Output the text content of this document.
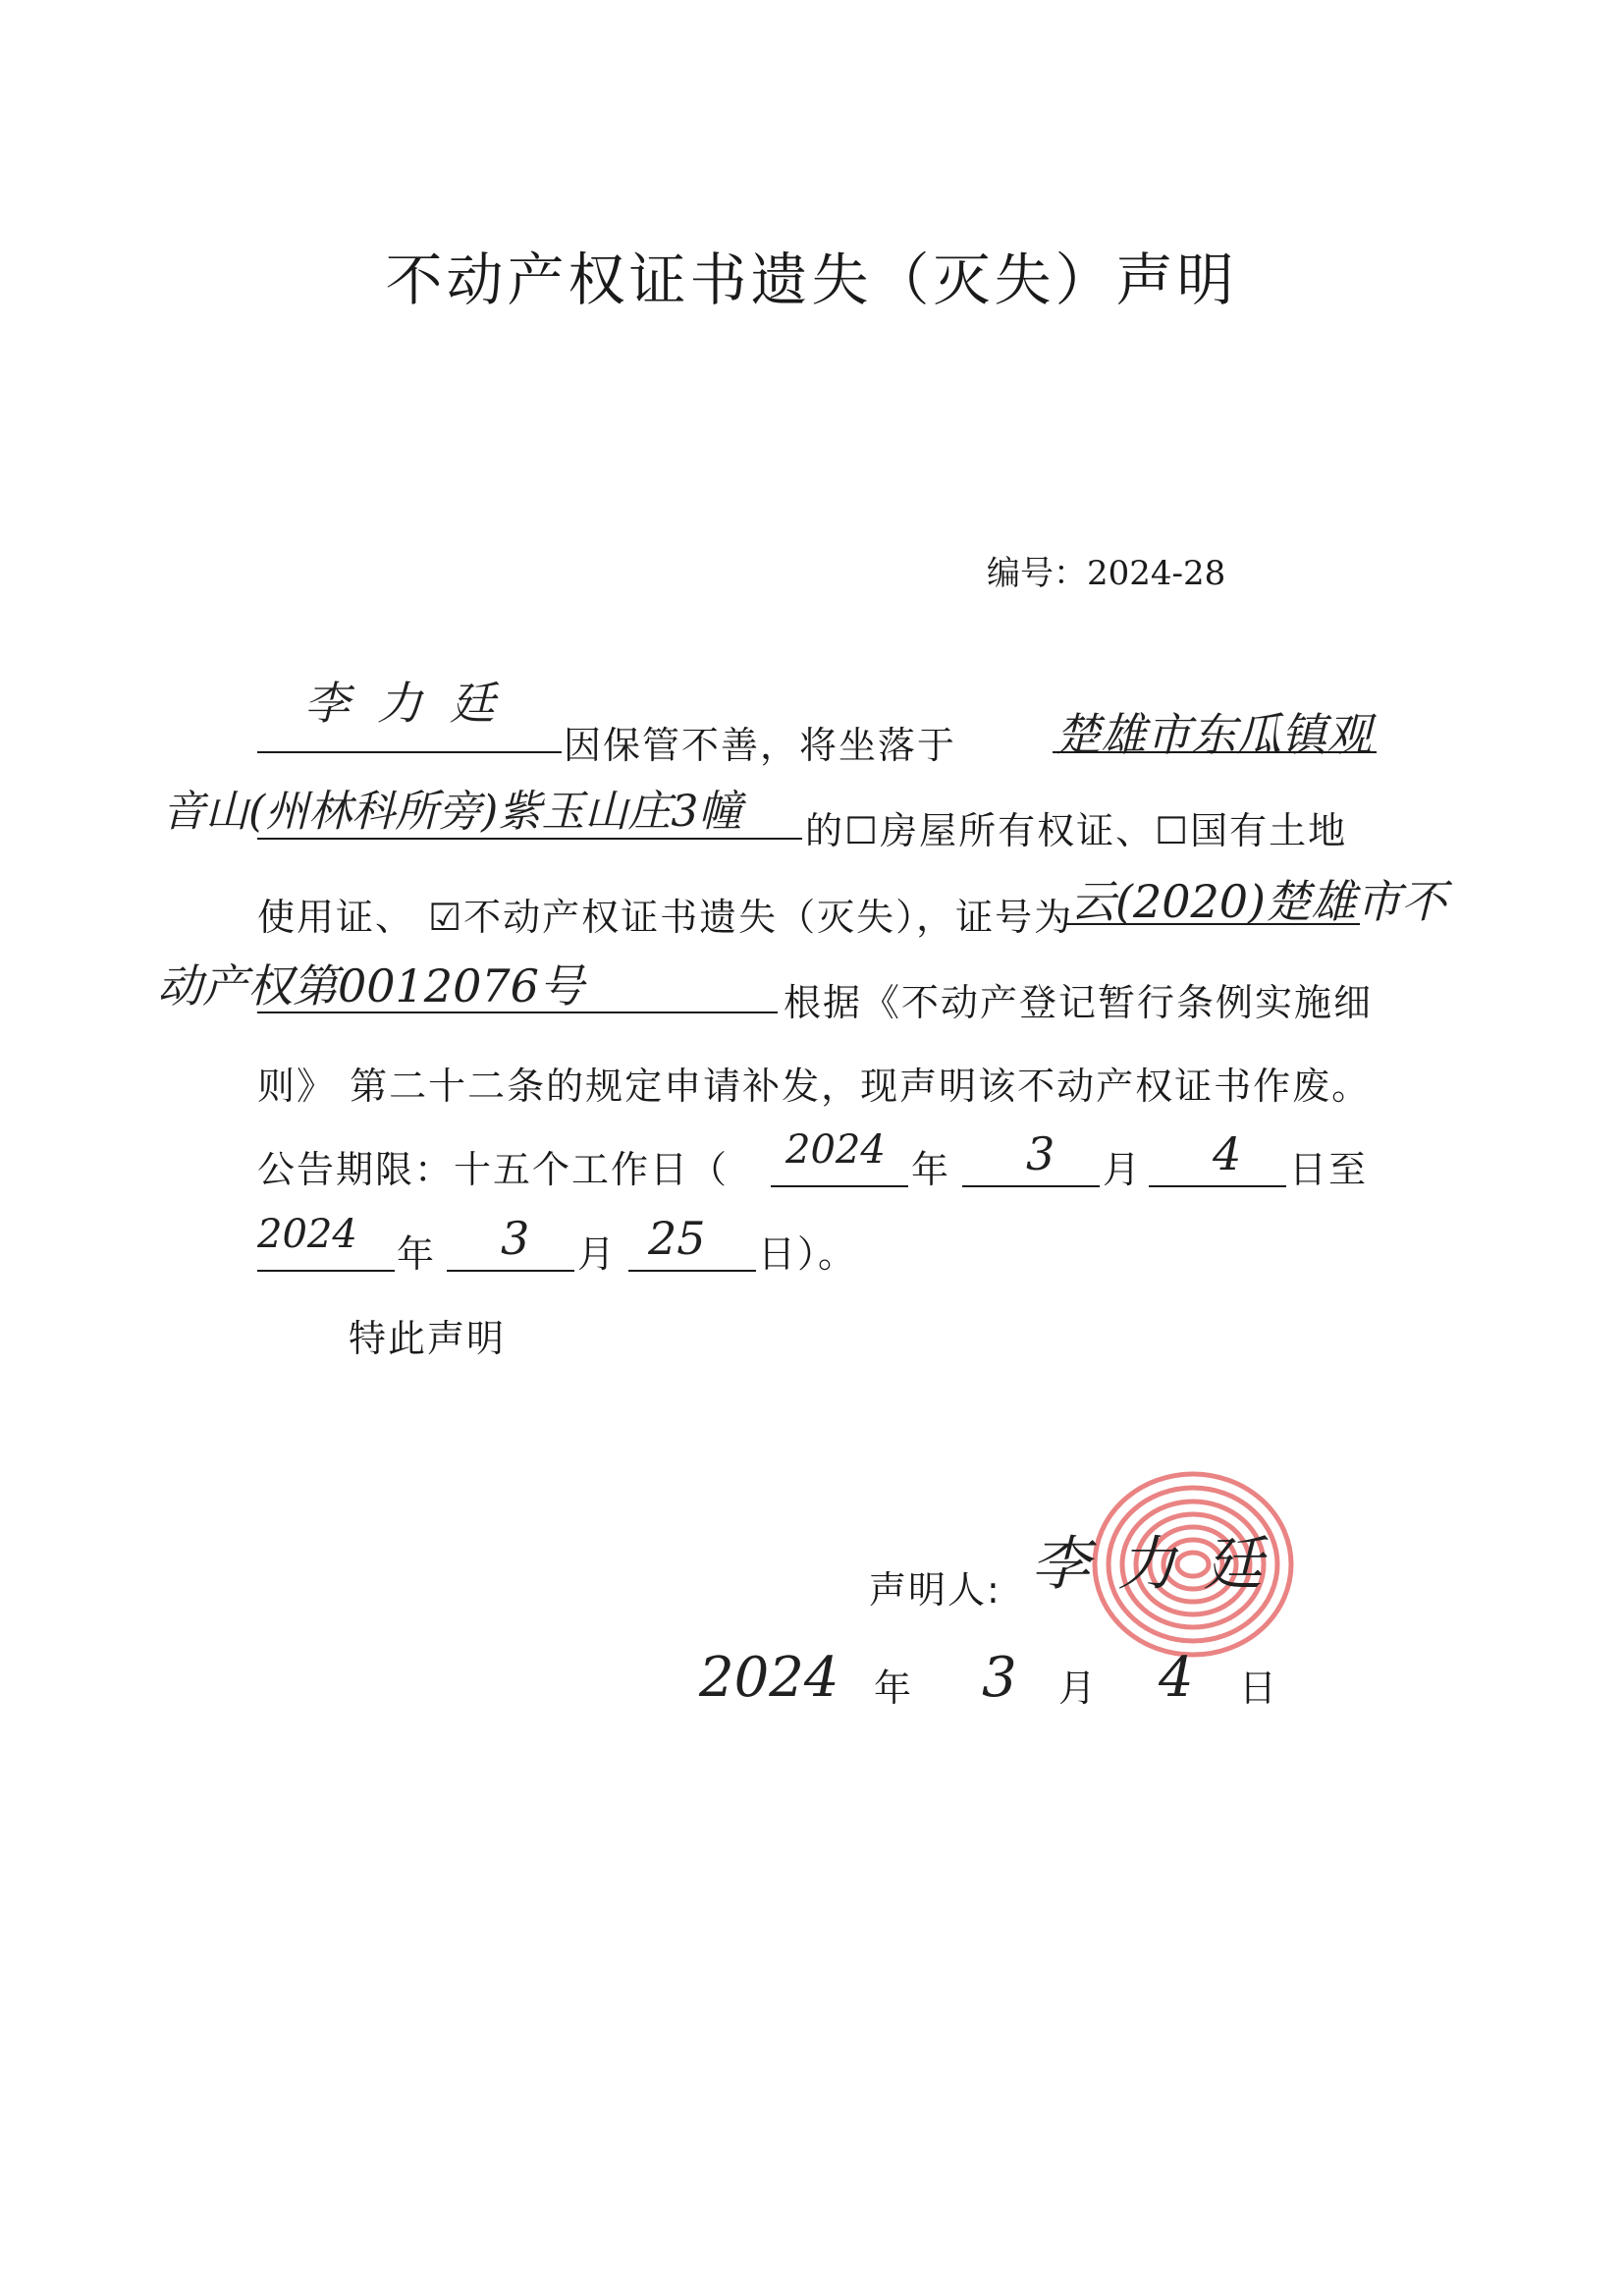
不动产权证书遗失（灭失）声明
编号：2024-28
李力廷
因保管不善，将坐落于 楚雄市东瓜镇观
音山(州林科所旁)紫玉山庄3幢 的☐房屋所有权证、☐国有土地
使用证、 ☑不动产权证书遗失（灭失），证号为
云(2020)楚雄市不
动产权第0012076号	根据《不动产登记暂行条例实施细
则》 第二十二条的规定申请补发，现声明该不动产权证书作废。
公告期限：十五个工作日（ 2024 年 3 月 4 日至
2024 年 3 月 25 日）。
特此声明
声明人: 李力廷
2024 年 3 月 4 日
